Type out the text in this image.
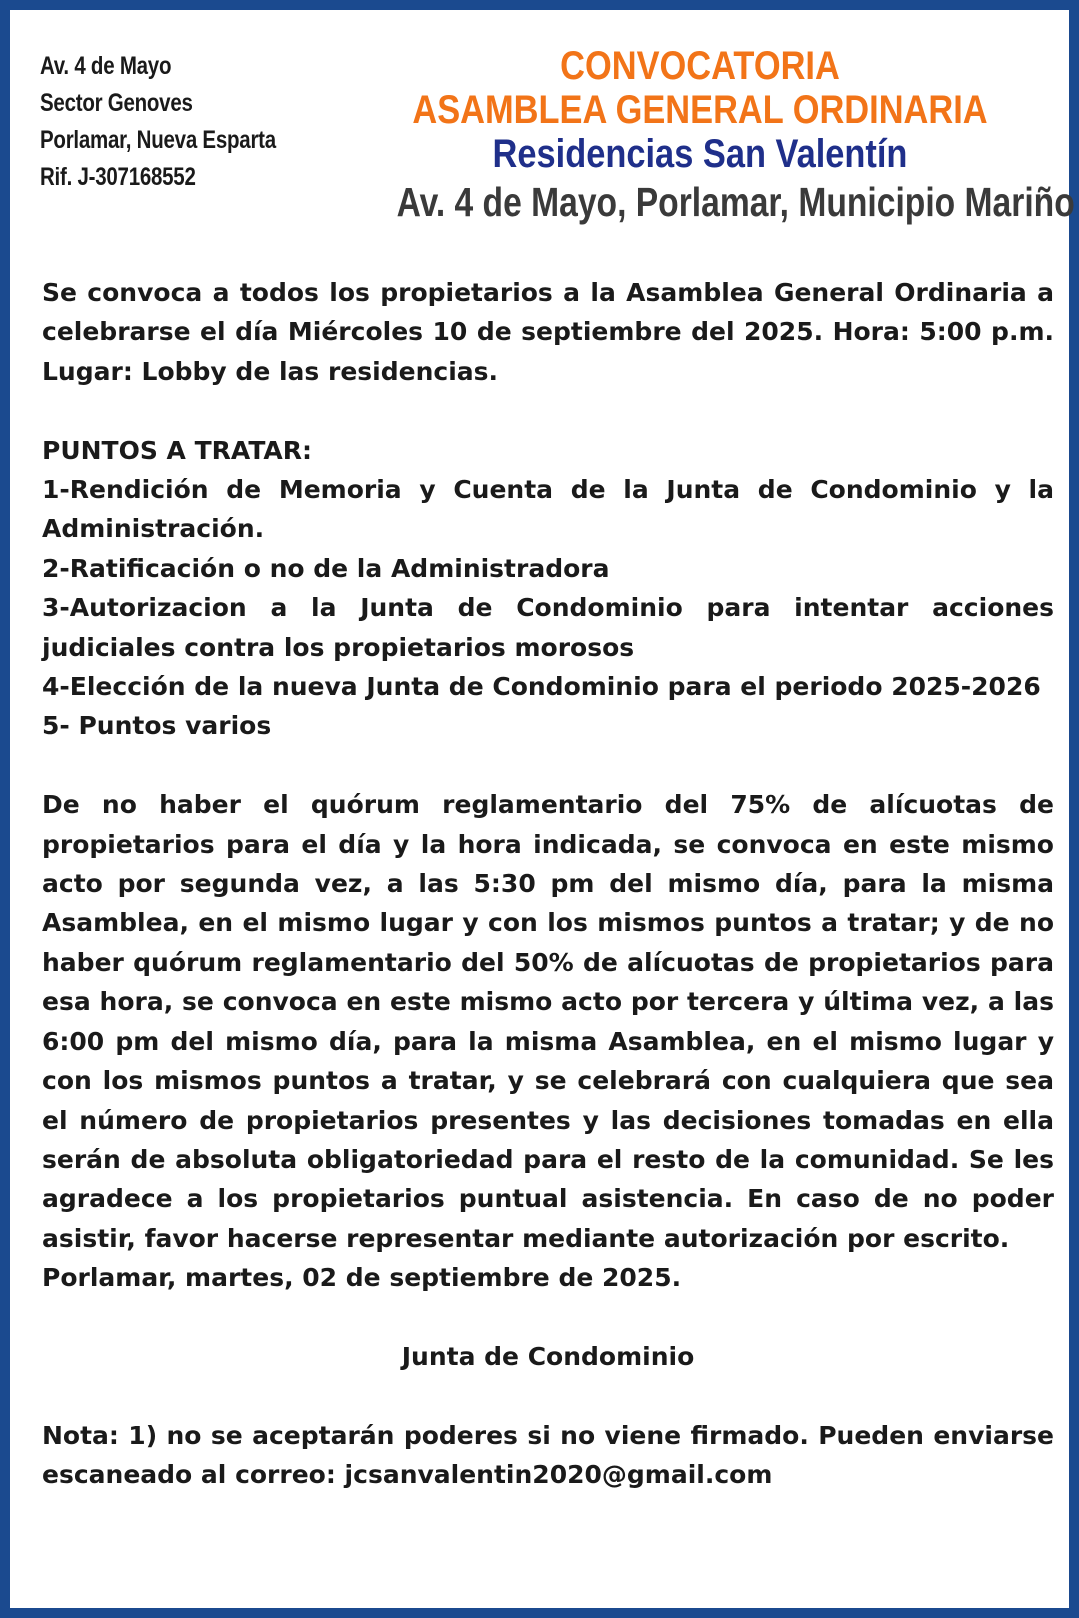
Av. 4 de Mayo
Sector Genoves
Porlamar, Nueva Esparta
Rif. J-307168552
CONVOCATORIA
ASAMBLEA GENERAL ORDINARIA
Residencias San Valentín
Av. 4 de Mayo, Porlamar, Municipio Mariño

Se convoca a todos los propietarios a la Asamblea General Ordinaria a celebrarse el día Miércoles 10 de septiembre del 2025. Hora: 5:00 p.m. Lugar: Lobby de las residencias.

PUNTOS A TRATAR:

1-Rendición de Memoria y Cuenta de la Junta de Condominio y la Administración.

2-Ratificación o no de la Administradora

3-Autorizacion a la Junta de Condominio para intentar acciones judiciales contra los propietarios morosos

4-Elección de la nueva Junta de Condominio para el periodo 2025-2026

5- Puntos varios

De no haber el quórum reglamentario del 75% de alícuotas de propietarios para el día y la hora indicada, se convoca en este mismo acto por segunda vez, a las 5:30 pm del mismo día, para la misma Asamblea, en el mismo lugar y con los mismos puntos a tratar; y de no haber quórum reglamentario del 50% de alícuotas de propietarios para esa hora, se convoca en este mismo acto por tercera y última vez, a las 6:00 pm del mismo día, para la misma Asamblea, en el mismo lugar y con los mismos puntos a tratar, y se celebrará con cualquiera que sea el número de propietarios presentes y las decisiones tomadas en ella serán de absoluta obligatoriedad para el resto de la comunidad. Se les agradece a los propietarios puntual asistencia. En caso de no poder asistir, favor hacerse representar mediante autorización por escrito.

Porlamar, martes, 02 de septiembre de 2025.

Junta de Condominio

Nota: 1) no se aceptarán poderes si no viene firmado. Pueden enviarse escaneado al correo: jcsanvalentin2020@gmail.com
